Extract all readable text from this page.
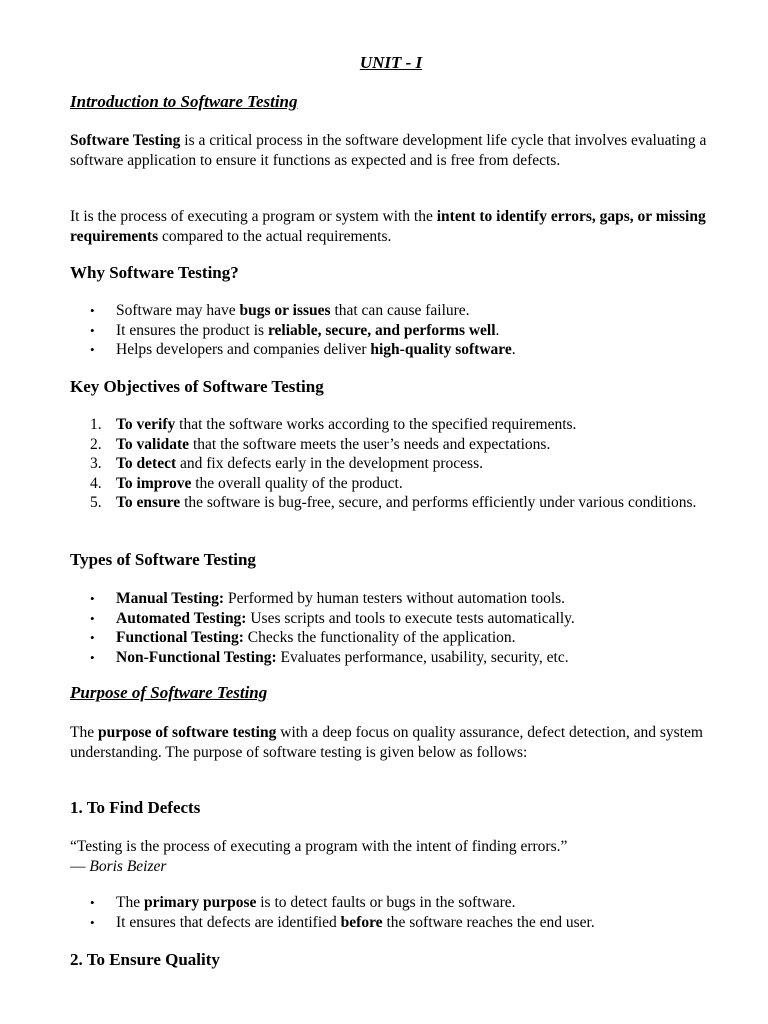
UNIT - I
Introduction to Software Testing
Software Testing is a critical process in the software development life cycle that involves evaluating a software application to ensure it functions as expected and is free from defects.
It is the process of executing a program or system with the intent to identify errors, gaps, or missing requirements compared to the actual requirements.
Why Software Testing?
• Software may have bugs or issues that can cause failure.
• It ensures the product is reliable, secure, and performs well.
• Helps developers and companies deliver high-quality software.
Key Objectives of Software Testing
1. To verify that the software works according to the specified requirements.
2. To validate that the software meets the user’s needs and expectations.
3. To detect and fix defects early in the development process.
4. To improve the overall quality of the product.
5. To ensure the software is bug-free, secure, and performs efficiently under various conditions.
Types of Software Testing
• Manual Testing: Performed by human testers without automation tools.
• Automated Testing: Uses scripts and tools to execute tests automatically.
• Functional Testing: Checks the functionality of the application.
• Non-Functional Testing: Evaluates performance, usability, security, etc.
Purpose of Software Testing
The purpose of software testing with a deep focus on quality assurance, defect detection, and system understanding. The purpose of software testing is given below as follows:
1. To Find Defects
“Testing is the process of executing a program with the intent of finding errors.”
— Boris Beizer
• The primary purpose is to detect faults or bugs in the software.
• It ensures that defects are identified before the software reaches the end user.
2. To Ensure Quality
